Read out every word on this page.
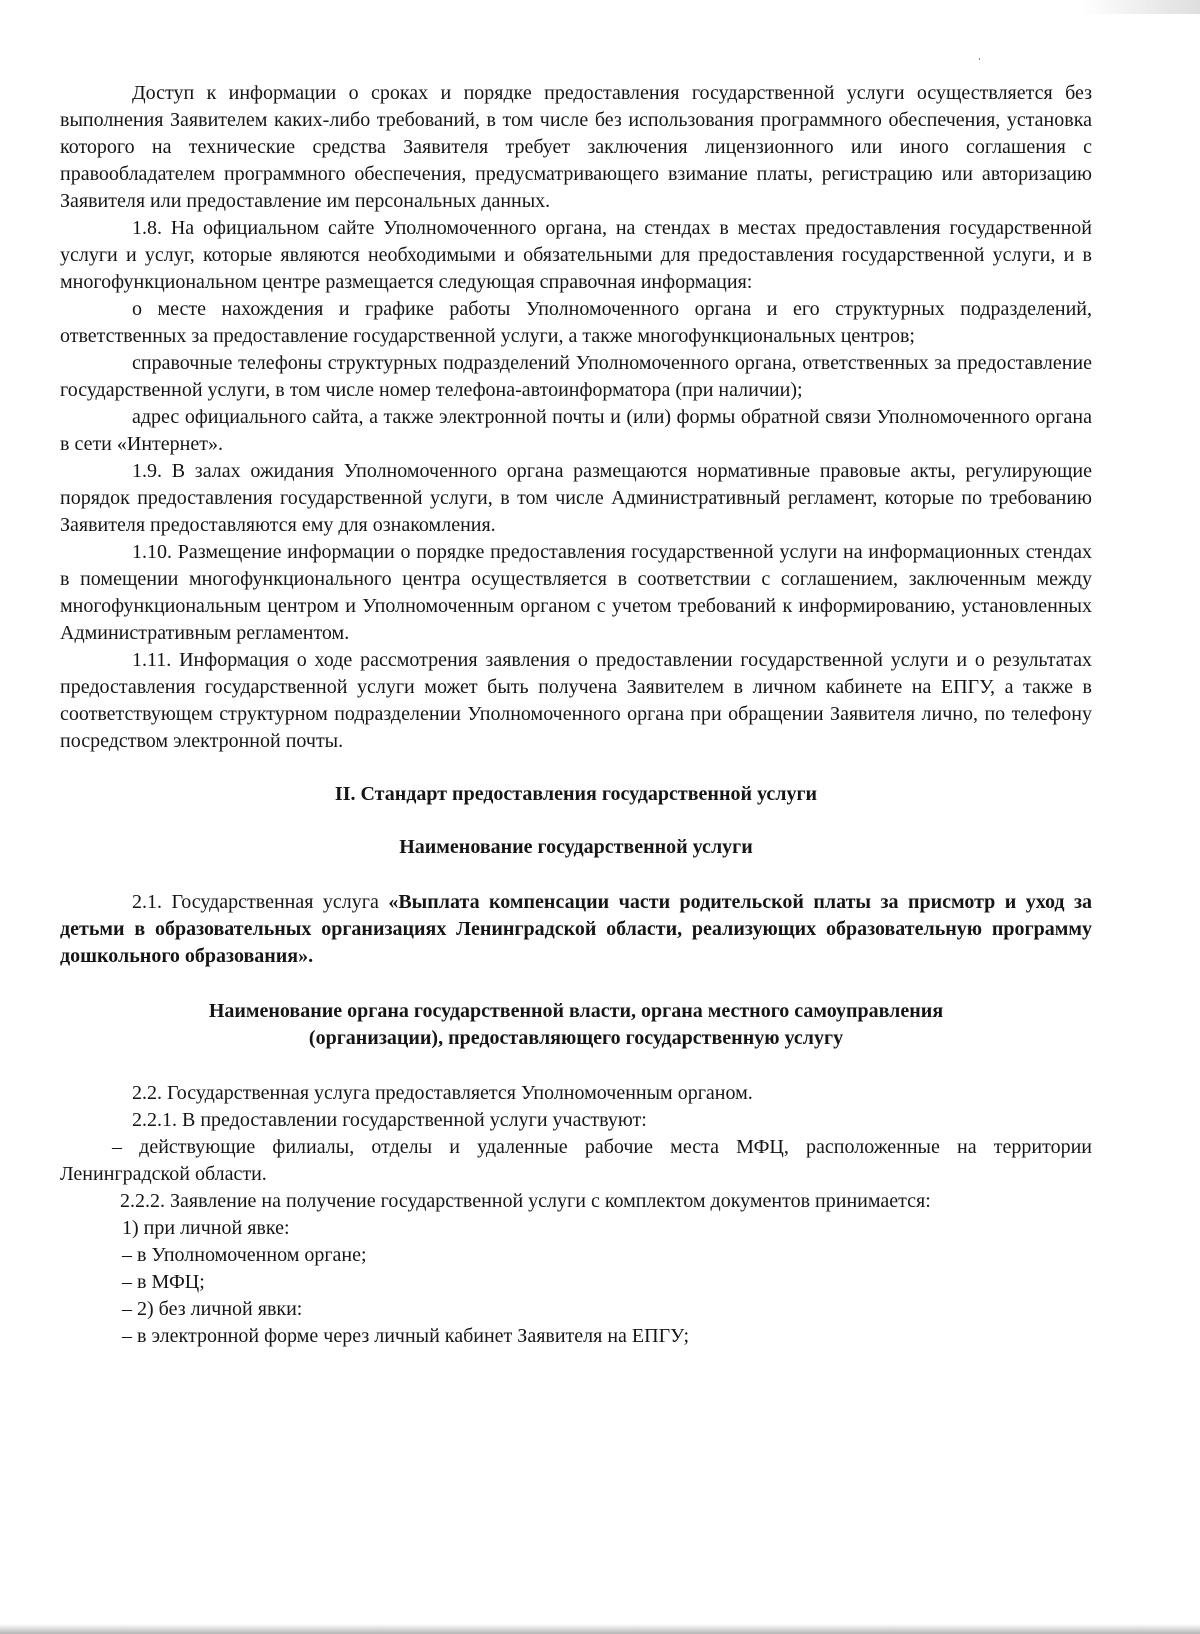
Доступ к информации о сроках и порядке предоставления государственной услуги осуществляется без выполнения Заявителем каких-либо требований, в том числе без использования программного обеспечения, установка которого на технические средства Заявителя требует заключения лицензионного или иного соглашения с правообладателем программного обеспечения, предусматривающего взимание платы, регистрацию или авторизацию Заявителя или предоставление им персональных данных.

1.8. На официальном сайте Уполномоченного органа, на стендах в местах предоставления государственной услуги и услуг, которые являются необходимыми и обязательными для предоставления государственной услуги, и в многофункциональном центре размещается следующая справочная информация:

о месте нахождения и графике работы Уполномоченного органа и его структурных подразделений, ответственных за предоставление государственной услуги, а также многофункциональных центров;

справочные телефоны структурных подразделений Уполномоченного органа, ответственных за предоставление государственной услуги, в том числе номер телефона-автоинформатора (при наличии);

адрес официального сайта, а также электронной почты и (или) формы обратной связи Уполномоченного органа в сети «Интернет».

1.9. В залах ожидания Уполномоченного органа размещаются нормативные правовые акты, регулирующие порядок предоставления государственной услуги, в том числе Административный регламент, которые по требованию Заявителя предоставляются ему для ознакомления.

1.10. Размещение информации о порядке предоставления государственной услуги на информационных стендах в помещении многофункционального центра осуществляется в соответствии с соглашением, заключенным между многофункциональным центром и Уполномоченным органом с учетом требований к информированию, установленных Административным регламентом.

1.11. Информация о ходе рассмотрения заявления о предоставлении государственной услуги и о результатах предоставления государственной услуги может быть получена Заявителем в личном кабинете на ЕПГУ, а также в соответствующем структурном подразделении Уполномоченного органа при обращении Заявителя лично, по телефону посредством электронной почты.

II. Стандарт предоставления государственной услуги

Наименование государственной услуги

2.1. Государственная услуга «Выплата компенсации части родительской платы за присмотр и уход за детьми в образовательных организациях Ленинградской области, реализующих образовательную программу дошкольного образования».

Наименование органа государственной власти, органа местного самоуправления

(организации), предоставляющего государственную услугу

2.2. Государственная услуга предоставляется Уполномоченным органом.

2.2.1. В предоставлении государственной услуги участвуют:

– действующие филиалы, отделы и удаленные рабочие места МФЦ, расположенные на территории Ленинградской области.

2.2.2. Заявление на получение государственной услуги с комплектом документов принимается:

1) при личной явке:

– в Уполномоченном органе;

– в МФЦ;

– 2) без личной явки:

– в электронной форме через личный кабинет Заявителя на ЕПГУ;
